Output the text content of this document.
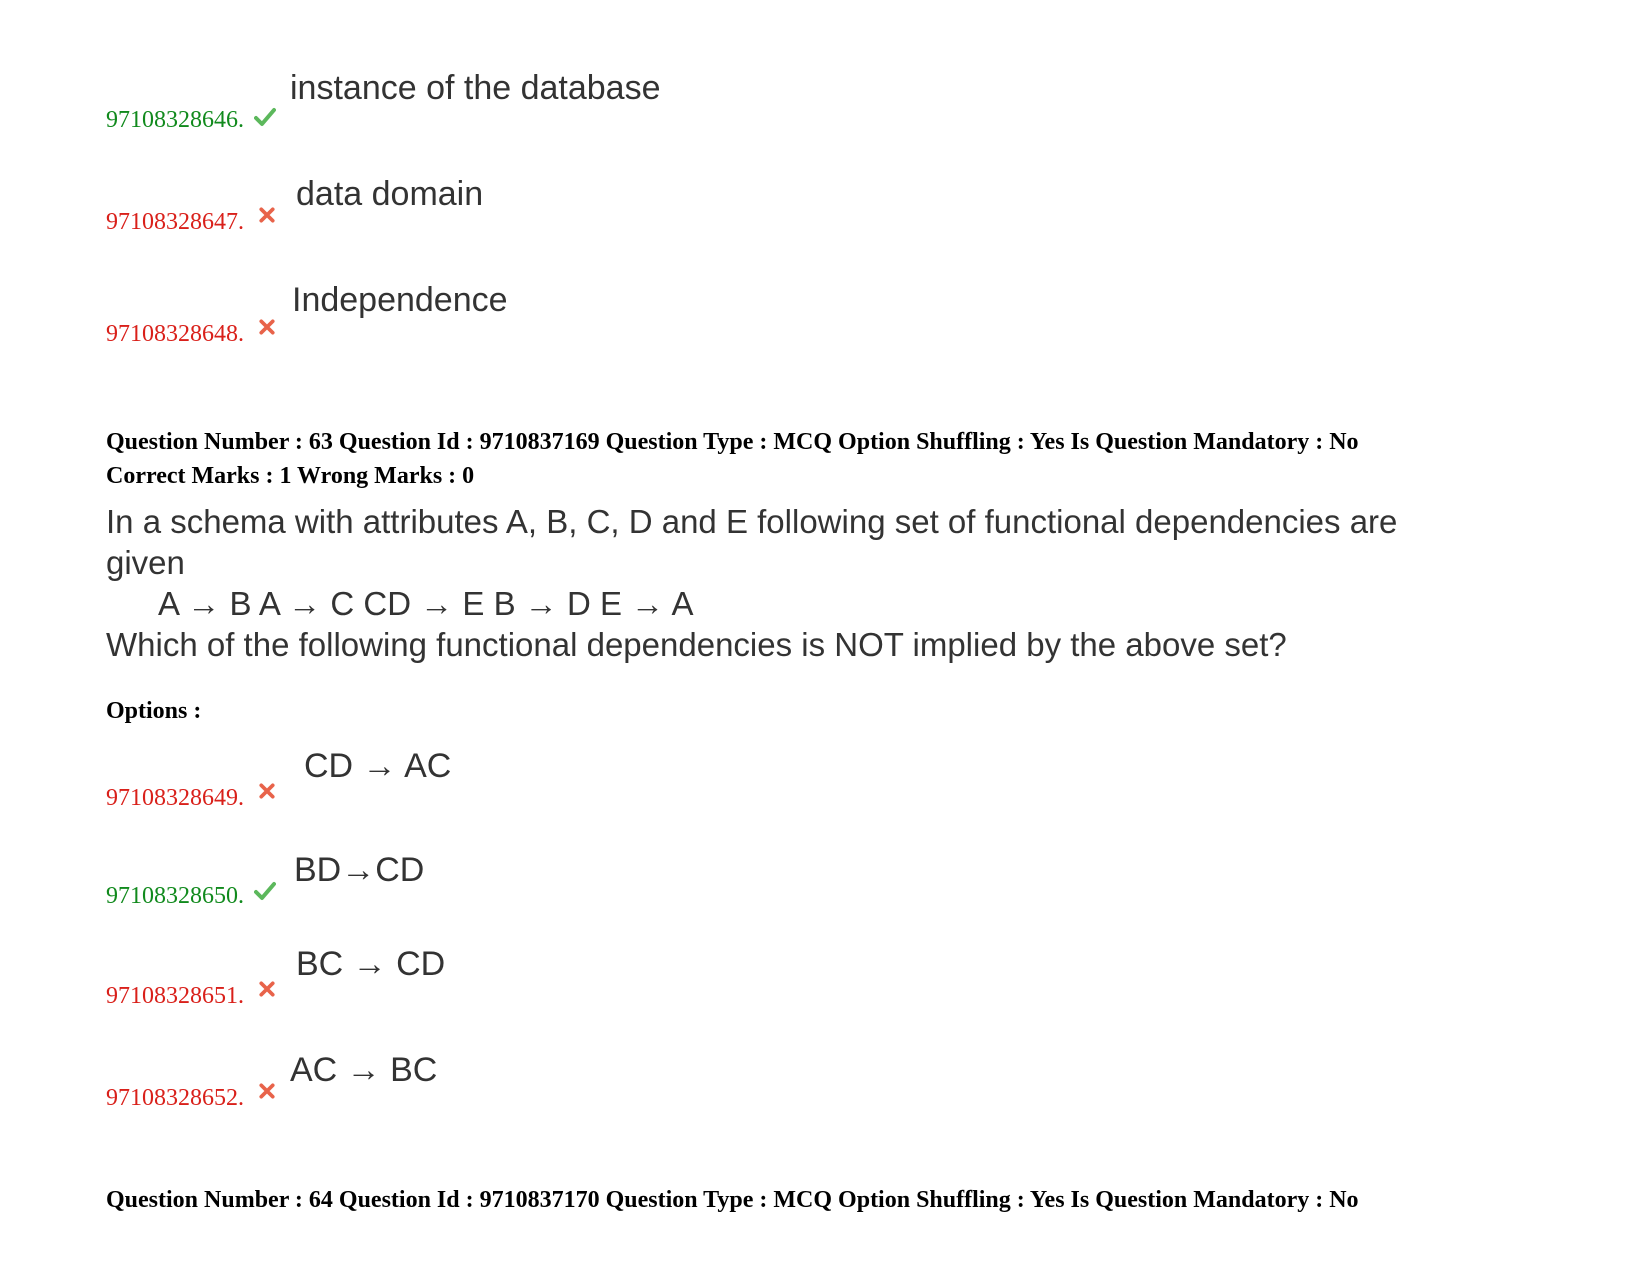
97108328646.
instance of the database
97108328647.
data domain
97108328648.
Independence
Question Number : 63 Question Id : 9710837169 Question Type : MCQ Option Shuffling : Yes Is Question Mandatory : No
Correct Marks : 1 Wrong Marks : 0
In a schema with attributes A, B, C, D and E following set of functional dependencies are
given
A → B A → C CD → E B → D E → A
Which of the following functional dependencies is NOT implied by the above set?
Options :
97108328649.
CD → AC
97108328650.
BD→CD
97108328651.
BC → CD
97108328652.
AC → BC
Question Number : 64 Question Id : 9710837170 Question Type : MCQ Option Shuffling : Yes Is Question Mandatory : No
